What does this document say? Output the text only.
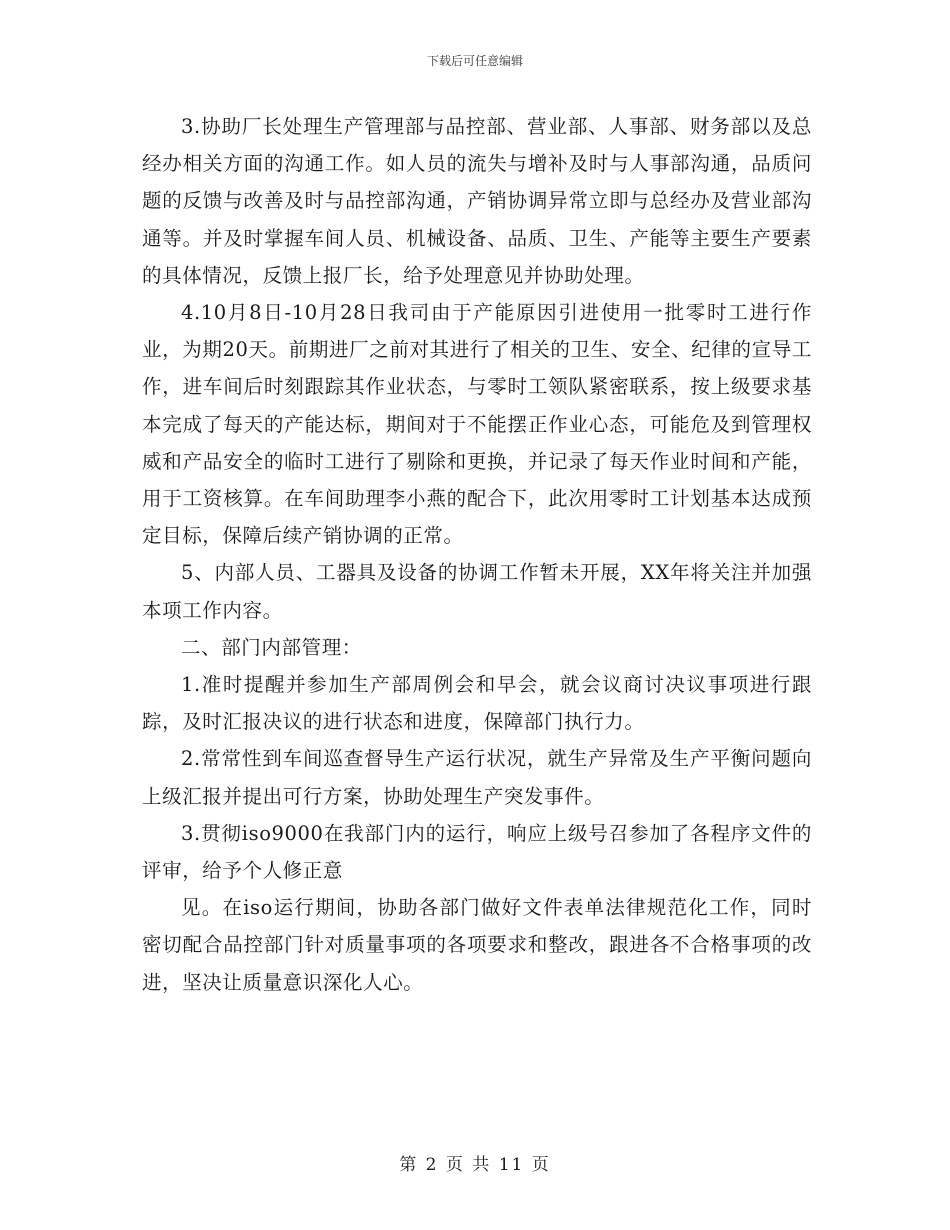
下载后可任意编辑

3.协助厂长处理生产管理部与品控部、营业部、人事部、财务部以及总经办相关方面的沟通工作。如人员的流失与增补及时与人事部沟通，品质问题的反馈与改善及时与品控部沟通，产销协调异常立即与总经办及营业部沟通等。并及时掌握车间人员、机械设备、品质、卫生、产能等主要生产要素的具体情况，反馈上报厂长，给予处理意见并协助处理。

4.10月8日-10月28日我司由于产能原因引进使用一批零时工进行作业，为期20天。前期进厂之前对其进行了相关的卫生、安全、纪律的宣导工作，进车间后时刻跟踪其作业状态，与零时工领队紧密联系，按上级要求基本完成了每天的产能达标，期间对于不能摆正作业心态，可能危及到管理权威和产品安全的临时工进行了剔除和更换，并记录了每天作业时间和产能，用于工资核算。在车间助理李小燕的配合下，此次用零时工计划基本达成预定目标，保障后续产销协调的正常。

5、内部人员、工器具及设备的协调工作暂未开展，XX年将关注并加强本项工作内容。

二、部门内部管理：

1.准时提醒并参加生产部周例会和早会，就会议商讨决议事项进行跟踪，及时汇报决议的进行状态和进度，保障部门执行力。

2.常常性到车间巡查督导生产运行状况，就生产异常及生产平衡问题向上级汇报并提出可行方案，协助处理生产突发事件。

3.贯彻iso9000在我部门内的运行，响应上级号召参加了各程序文件的评审，给予个人修正意

见。在iso运行期间，协助各部门做好文件表单法律规范化工作，同时密切配合品控部门针对质量事项的各项要求和整改，跟进各不合格事项的改进，坚决让质量意识深化人心。

第 2 页 共 11 页
